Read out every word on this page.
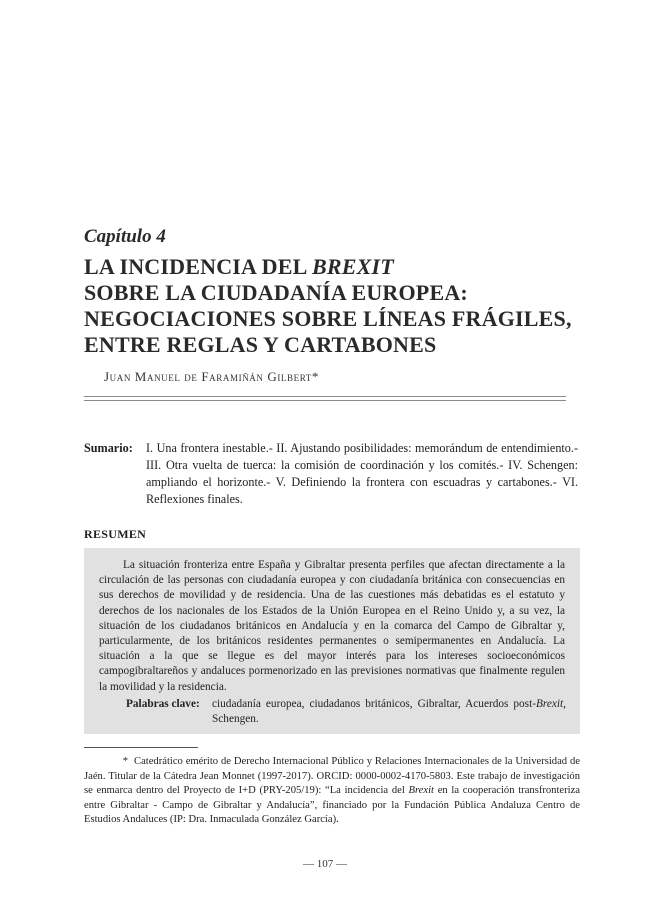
Capítulo 4
LA INCIDENCIA DEL BREXIT
SOBRE LA CIUDADANÍA EUROPEA:
NEGOCIACIONES SOBRE LÍNEAS FRÁGILES,
ENTRE REGLAS Y CARTABONES
Juan Manuel de Faramiñán Gilbert*
Sumario: I. Una frontera inestable.- II. Ajustando posibilidades: memorándum de entendimiento.- III. Otra vuelta de tuerca: la comisión de coordinación y los comités.- IV. Schengen: ampliando el horizonte.- V. Definiendo la frontera con escuadras y cartabones.- VI. Reflexiones finales.
RESUMEN
La situación fronteriza entre España y Gibraltar presenta perfiles que afectan directamente a la circulación de las personas con ciudadanía europea y con ciudadanía británica con consecuencias en sus derechos de movilidad y de residencia. Una de las cuestiones más debatidas es el estatuto y derechos de los nacionales de los Estados de la Unión Europea en el Reino Unido y, a su vez, la situación de los ciudadanos británicos en Andalucía y en la comarca del Campo de Gibraltar y, particularmente, de los británicos residentes permanentes o semipermanentes en Andalucía. La situación a la que se llegue es del mayor interés para los intereses socioeconómicos campogibraltareños y andaluces pormenorizado en las previsiones normativas que finalmente regulen la movilidad y la residencia.
Palabras clave: ciudadanía europea, ciudadanos británicos, Gibraltar, Acuerdos post-Brexit, Schengen.
* Catedrático emérito de Derecho Internacional Público y Relaciones Internacionales de la Universidad de Jaén. Titular de la Cátedra Jean Monnet (1997-2017). ORCID: 0000-0002-4170-5803. Este trabajo de investigación se enmarca dentro del Proyecto de I+D (PRY-205/19): “La incidencia del Brexit en la cooperación transfronteriza entre Gibraltar - Campo de Gibraltar y Andalucía”, financiado por la Fundación Pública Andaluza Centro de Estudios Andaluces (IP: Dra. Inmaculada González García).
— 107 —
